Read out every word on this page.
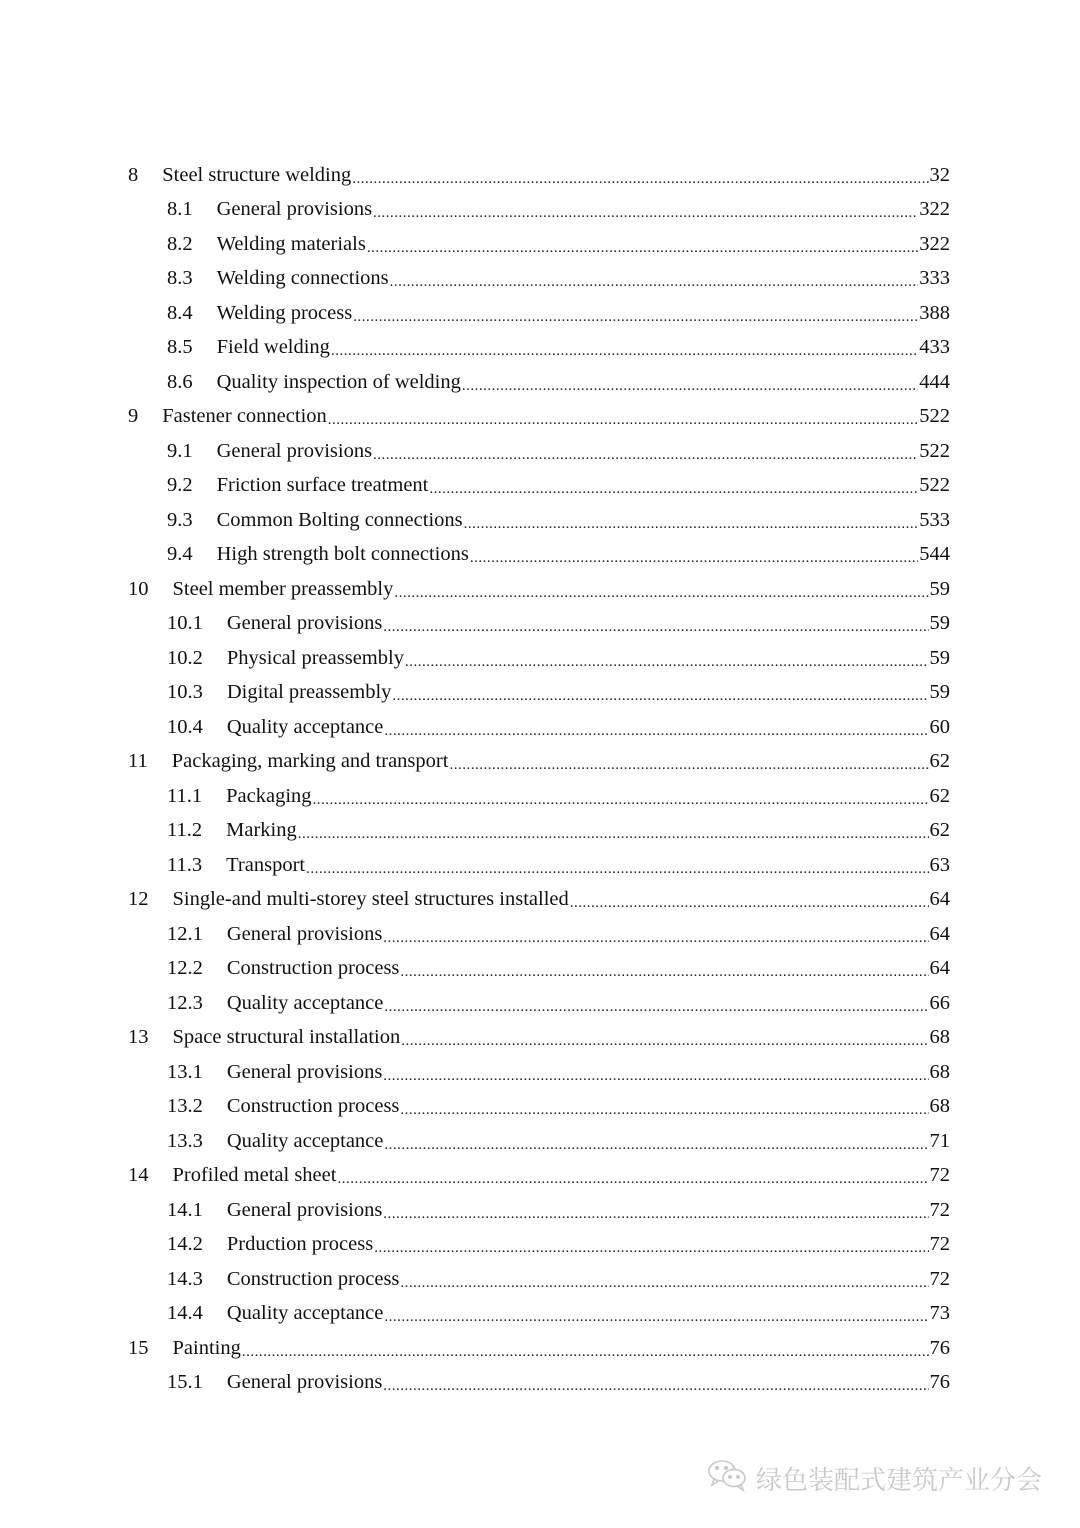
8 Steel structure welding .....	32
8.1 General provisions .....	322
8.2 Welding materials .....	322
8.3 Welding connections .....	333
8.4 Welding process .....	388
8.5 Field welding .....	433
8.6 Quality inspection of welding .....	444
9 Fastener connection .....	522
9.1 General provisions .....	522
9.2 Friction surface treatment .....	522
9.3 Common Bolting connections .....	533
9.4 High strength bolt connections .....	544
10 Steel member preassembly .....	59
10.1 General provisions .....	59
10.2 Physical preassembly .....	59
10.3 Digital preassembly .....	59
10.4 Quality acceptance .....	60
11 Packaging, marking and transport .....	62
11.1 Packaging .....	62
11.2 Marking .....	62
11.3 Transport .....	63
12 Single-and multi-storey steel structures installed .....	64
12.1 General provisions .....	64
12.2 Construction process .....	64
12.3 Quality acceptance .....	66
13 Space structural installation .....	68
13.1 General provisions .....	68
13.2 Construction process .....	68
13.3 Quality acceptance .....	71
14 Profiled metal sheet .....	72
14.1 General provisions .....	72
14.2 Prduction process .....	72
14.3 Construction process .....	72
14.4 Quality acceptance .....	73
15 Painting .....	76
15.1 General provisions .....	76
绿色装配式建筑产业分会
